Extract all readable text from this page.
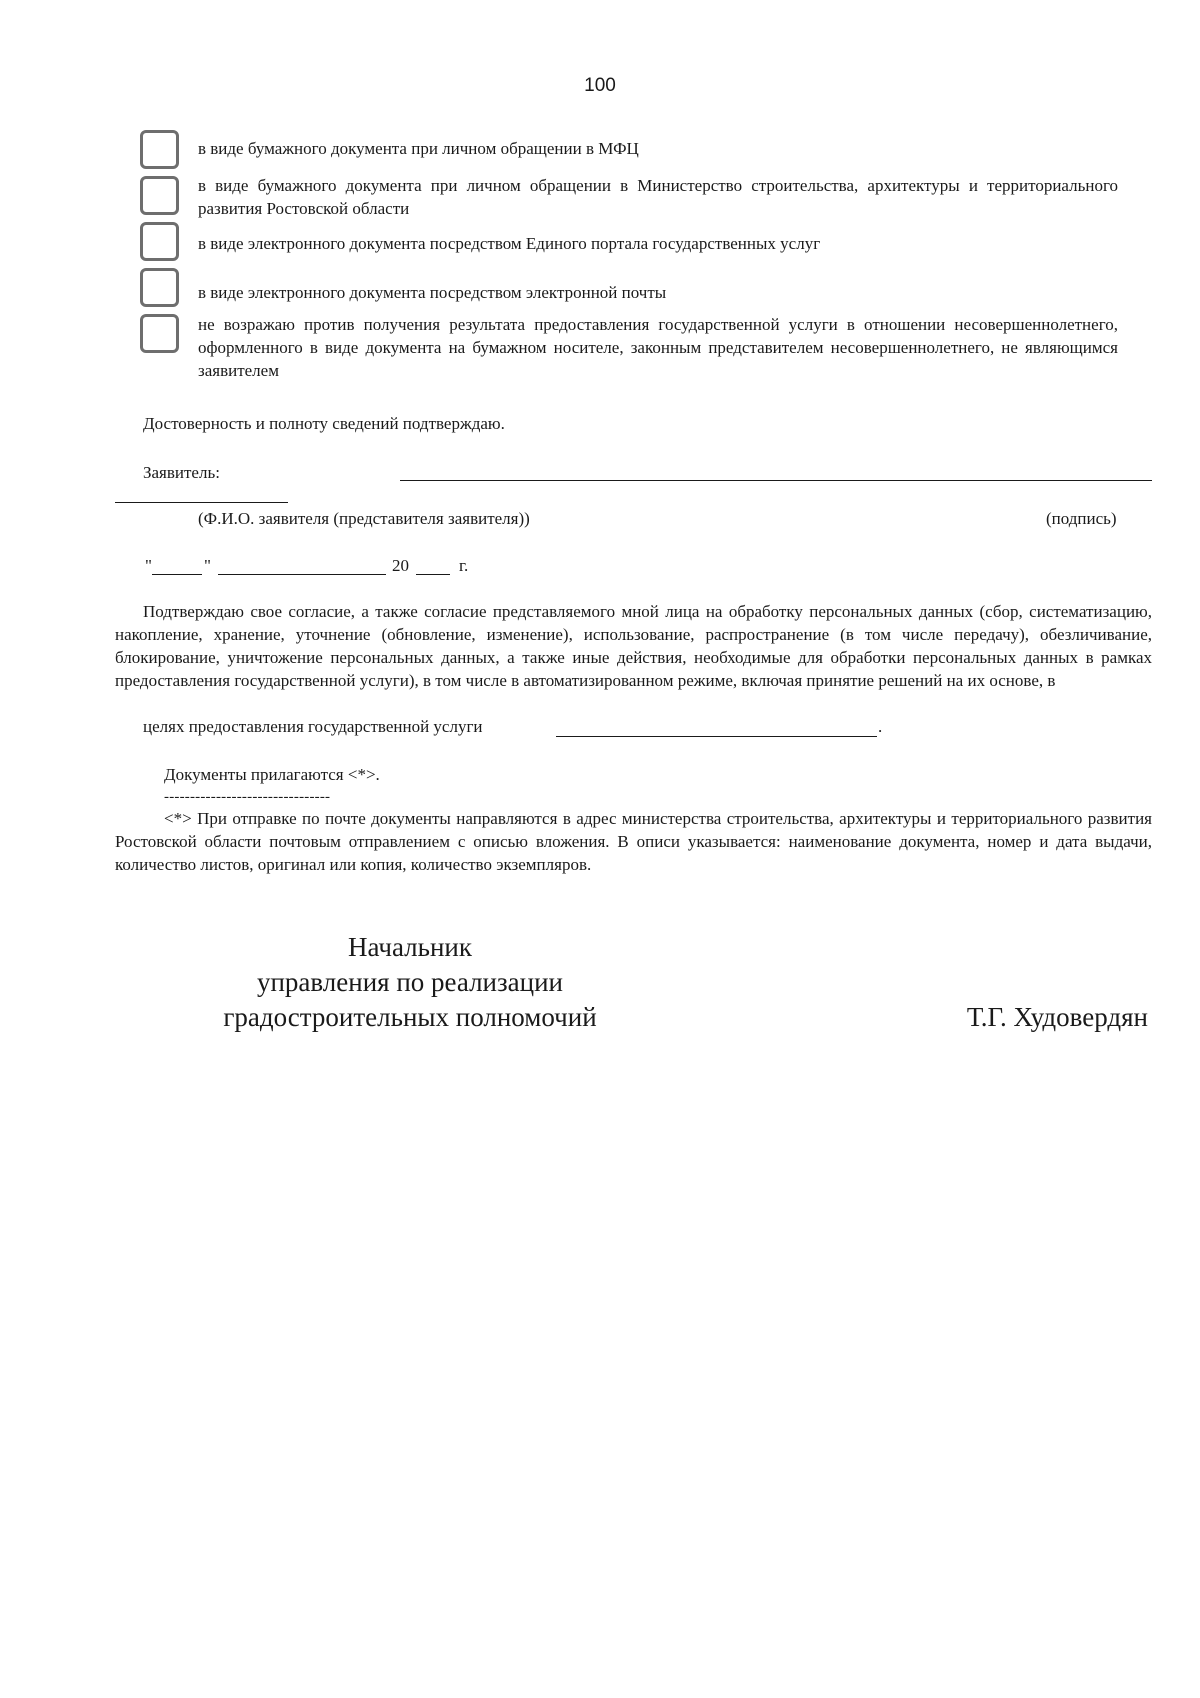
100
в виде бумажного документа при личном обращении в МФЦ
в виде бумажного документа при личном обращении в Министерство строительства, архитектуры и территориального развития Ростовской области
в виде электронного документа посредством Единого портала государственных услуг
в виде электронного документа посредством электронной почты
не возражаю против получения результата предоставления государственной услуги в отношении несовершеннолетнего, оформленного в виде документа на бумажном носителе, законным представителем несовершеннолетнего, не являющимся заявителем
Достоверность и полноту сведений подтверждаю.
Заявитель:
(Ф.И.О. заявителя (представителя заявителя))	(подпись)
"	"	20	г.
Подтверждаю свое согласие, а также согласие представляемого мной лица на обработку персональных данных (сбор, систематизацию, накопление, хранение, уточнение (обновление, изменение), использование, распространение (в том числе передачу), обезличивание, блокирование, уничтожение персональных данных, а также иные действия, необходимые для обработки персональных данных в рамках предоставления государственной услуги), в том числе в автоматизированном режиме, включая принятие решений на их основе, в
целях предоставления государственной услуги	.
Документы прилагаются <*>.
--------------------------------
<*> При отправке по почте документы направляются в адрес министерства строительства, архитектуры и территориального развития Ростовской области почтовым отправлением с описью вложения. В описи указывается: наименование документа, номер и дата выдачи, количество листов, оригинал или копия, количество экземпляров.
Начальник
управления по реализации
градостроительных полномочий	Т.Г. Худовердян
